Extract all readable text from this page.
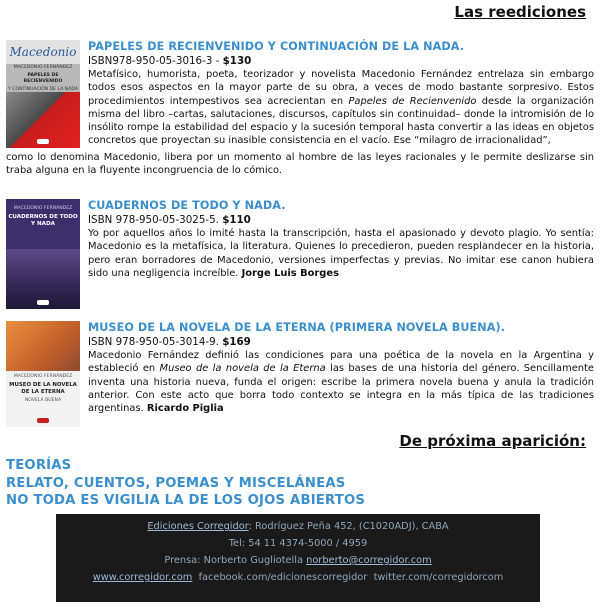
Las reediciones
Macedonio
MACEDONIO FERNÁNDEZ
PAPELES DE RECIENVENIDO
Y CONTINUACIÓN DE LA NADA
PAPELES DE RECIENVENIDO Y CONTINUACIÓN DE LA NADA.
ISBN978-950-05-3016-3 - $130

Metafísico, humorista, poeta, teorizador y novelista Macedonio Fernández entrelaza sin embargo todos esos aspectos en la mayor parte de su obra, a veces de modo bastante sorpresivo. Estos procedimientos intempestivos sea acrecientan en Papeles de Recienvenido desde la organización misma del libro –cartas, salutaciones, discursos, capítulos sin continuidad– donde la intromisión de lo insólito rompe la estabilidad del espacio y la sucesión temporal hasta convertir a las ideas en objetos concretos que proyectan su inasible consistencia en el vacío. Ese “milagro de irracionalidad”,

como lo denomina Macedonio, libera por un momento al hombre de las leyes racionales y le permite deslizarse sin traba alguna en la fluyente incongruencia de lo cómico.

MACEDONIO FERNÁNDEZ
CUADERNOS DE TODO Y NADA
CUADERNOS DE TODO Y NADA.
ISBN 978-950-05-3025-5. $110

Yo por aquellos años lo imité hasta la transcripción, hasta el apasionado y devoto plagio. Yo sentía: Macedonio es la metafísica, la literatura. Quienes lo precedieron, pueden resplandecer en la historia, pero eran borradores de Macedonio, versiones imperfectas y previas. No imitar ese canon hubiera sido una negligencia increíble. Jorge Luis Borges

MACEDONIO FERNÁNDEZ
MUSEO DE LA NOVELA DE LA ETERNA
NOVELA BUENA
MUSEO DE LA NOVELA DE LA ETERNA (PRIMERA NOVELA BUENA).
ISBN 978-950-05-3014-9. $169

Macedonio Fernández definió las condiciones para una poética de la novela en la Argentina y estableció en Museo de la novela de la Eterna las bases de una historia del género. Sencillamente inventa una historia nueva, funda el origen: escribe la primera novela buena y anula la tradición anterior. Con este acto que borra todo contexto se integra en la más típica de las tradiciones argentinas. Ricardo Piglia

De próxima aparición:
TEORÍAS
RELATO, CUENTOS, POEMAS Y MISCELÁNEAS
NO TODA ES VIGILIA LA DE LOS OJOS ABIERTOS
Ediciones Corregidor: Rodríguez Peña 452, (C1020ADJ), CABA
Tel: 54 11 4374-5000 / 4959
Prensa: Norberto Gugliotella norberto@corregidor.com
www.corregidor.com facebook.com/edicionescorregidor twitter.com/corregidorcom
